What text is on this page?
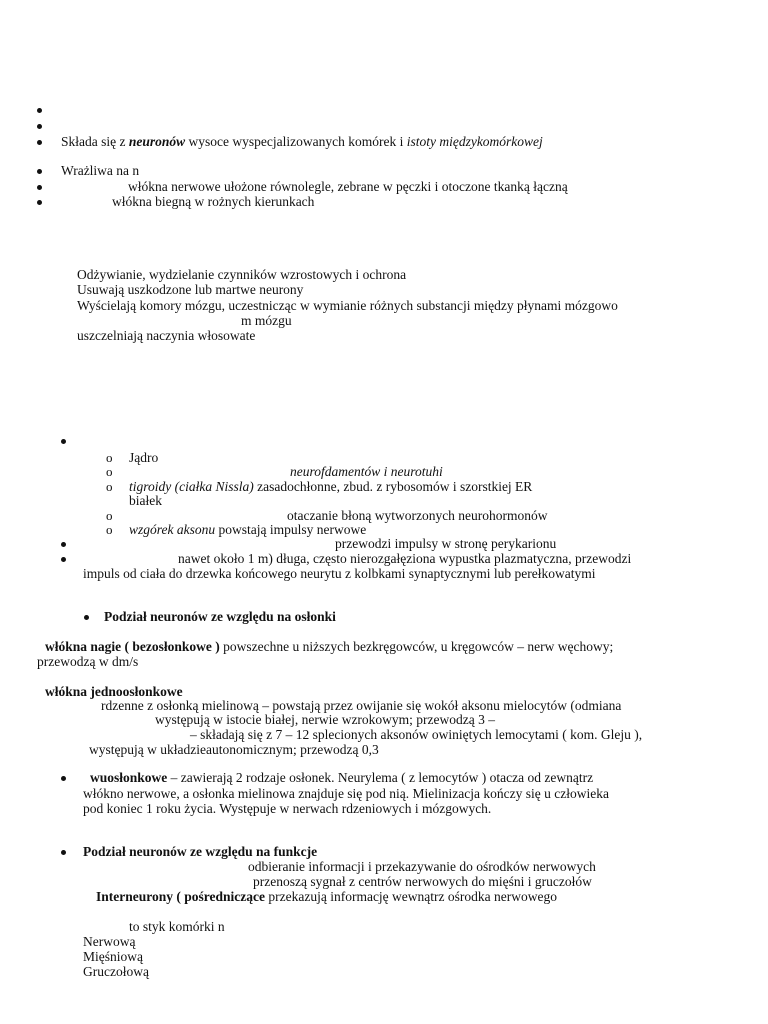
Składa się z neuronów wysoce wyspecjalizowanych komórek i istoty międzykomórkowej
Wrażliwa na n
włókna nerwowe ułożone równolegle, zebrane w pęczki i otoczone tkanką łączną
włókna biegną w rożnych kierunkach
Odżywianie, wydzielanie czynników wzrostowych i ochrona
Usuwają uszkodzone lub martwe neurony
Wyścielają komory mózgu, uczestnicząc w wymianie różnych substancji między płynami mózgowo
m mózgu
uszczelniają naczynia włosowate
o Jądro
o	neurofdamentów i neurotuhi
o tigroidy (ciałka Nissla) zasadochłonne, zbud. z rybosomów i szorstkiej ER
białek
o	otaczanie błoną wytworzonych neurohormonów
o wzgórek aksonu powstają impulsy nerwowe
przewodzi impulsy w stronę perykarionu
nawet około 1 m) długa, często nierozgałęziona wypustka plazmatyczna, przewodzi
impuls od ciała do drzewka końcowego neurytu z kolbkami synaptycznymi lub perełkowatymi
Podział neuronów ze względu na osłonki
włókna nagie ( bezosłonkowe ) powszechne u niższych bezkręgowców, u kręgowców – nerw węchowy;
przewodzą w dm/s
włókna jednoosłonkowe
rdzenne z osłonką mielinową – powstają przez owijanie się wokół aksonu mielocytów (odmiana
występują w istocie białej, nerwie wzrokowym; przewodzą 3 –
– składają się z 7 – 12 splecionych aksonów owiniętych lemocytami ( kom. Gleju ),
występują w układzieautonomicznym; przewodzą 0,3
wuosłonkowe – zawierają 2 rodzaje osłonek. Neurylema ( z lemocytów ) otacza od zewnątrz
włókno nerwowe, a osłonka mielinowa znajduje się pod nią. Mielinizacja kończy się u człowieka
pod koniec 1 roku życia. Występuje w nerwach rdzeniowych i mózgowych.
Podział neuronów ze względu na funkcje
odbieranie informacji i przekazywanie do ośrodków nerwowych
przenoszą sygnał z centrów nerwowych do mięśni i gruczołów
Interneurony ( pośredniczące przekazują informację wewnątrz ośrodka nerwowego
to styk komórki n
Nerwową
Mięśniową
Gruczołową
